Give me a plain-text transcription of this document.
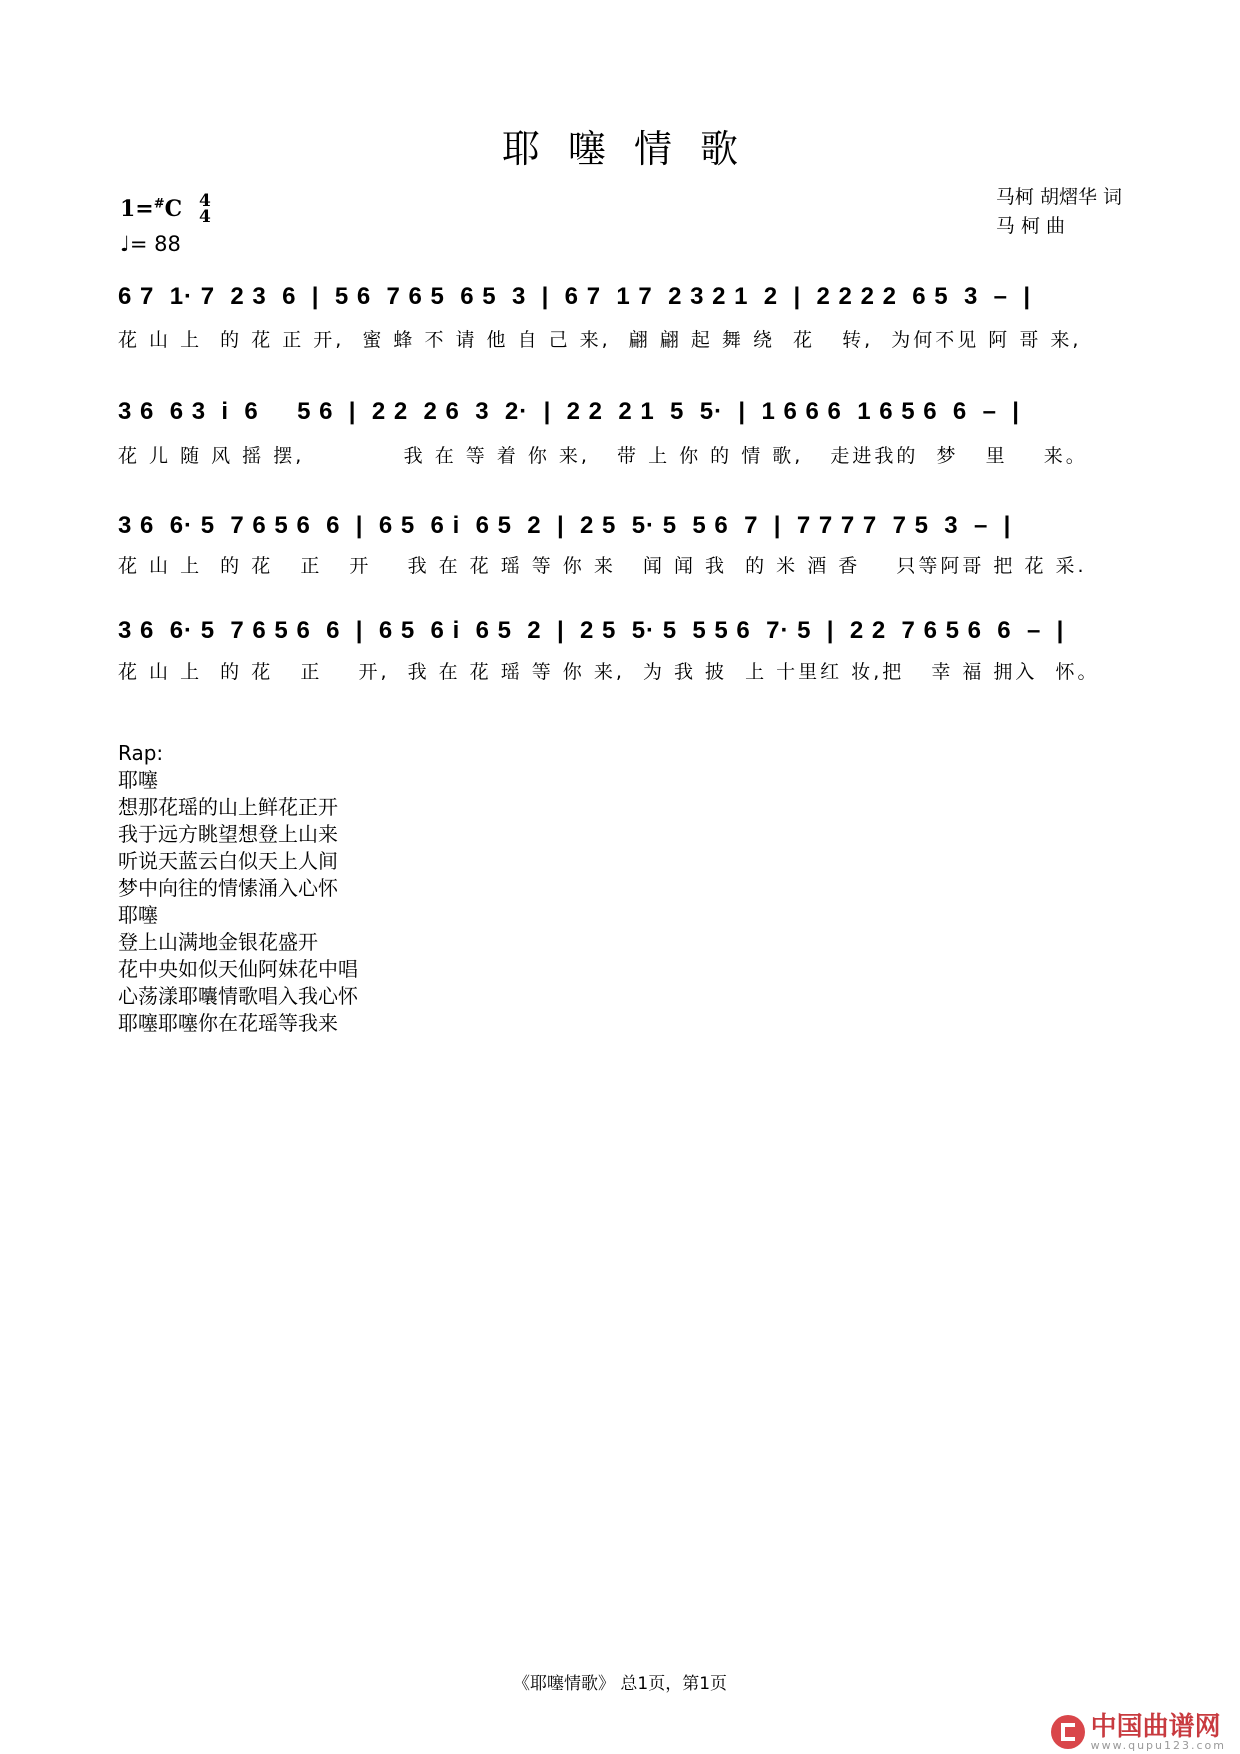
耶噻情歌
马柯 胡熠华 词
马 柯 曲
1=#C 4
4
♩= 88
6 7  1· 7  2 3  6  |  5 6  7 6 5  6 5  3  |  6 7  1 7  2 3 2 1  2  |  2 2 2 2  6 5  3  –  |
花 山 上  的 花 正 开,  蜜 蜂 不 请 他 自 己 来,  翩 翩 起 舞 绕  花   转,  为何不见 阿 哥 来,
3 6  6 3  i  6     5 6  |  2 2  2 6  3  2·  |  2 2  2 1  5  5·  |  1 6 6 6  1 6 5 6  6  –  |
花 儿 随 风 摇 摆,           我 在 等 着 你 来,   带 上 你 的 情 歌,   走进我的  梦   里    来。
3 6  6· 5  7 6 5 6  6  |  6 5  6 i  6 5  2  |  2 5  5· 5  5 6  7  |  7 7 7 7  7 5  3  –  |
花 山 上  的 花   正   开    我 在 花 瑶 等 你 来   闻 闻 我  的 米 酒 香    只等阿哥 把 花 采.
3 6  6· 5  7 6 5 6  6  |  6 5  6 i  6 5  2  |  2 5  5· 5  5 5 6  7· 5  |  2 2  7 6 5 6  6  –  |
花 山 上  的 花   正    开,  我 在 花 瑶 等 你 来,  为 我 披  上 十里红 妆,把   幸 福 拥入  怀。
Rap:
耶噻
想那花瑶的山上鲜花正开
我于远方眺望想登上山来
听说天蓝云白似天上人间
梦中向往的情愫涌入心怀
耶噻
登上山满地金银花盛开
花中央如似天仙阿妹花中唱
心荡漾耶囔情歌唱入我心怀
耶噻耶噻你在花瑶等我来
《耶噻情歌》 总1页，第1页
中国曲谱网
www.qupu123.com
